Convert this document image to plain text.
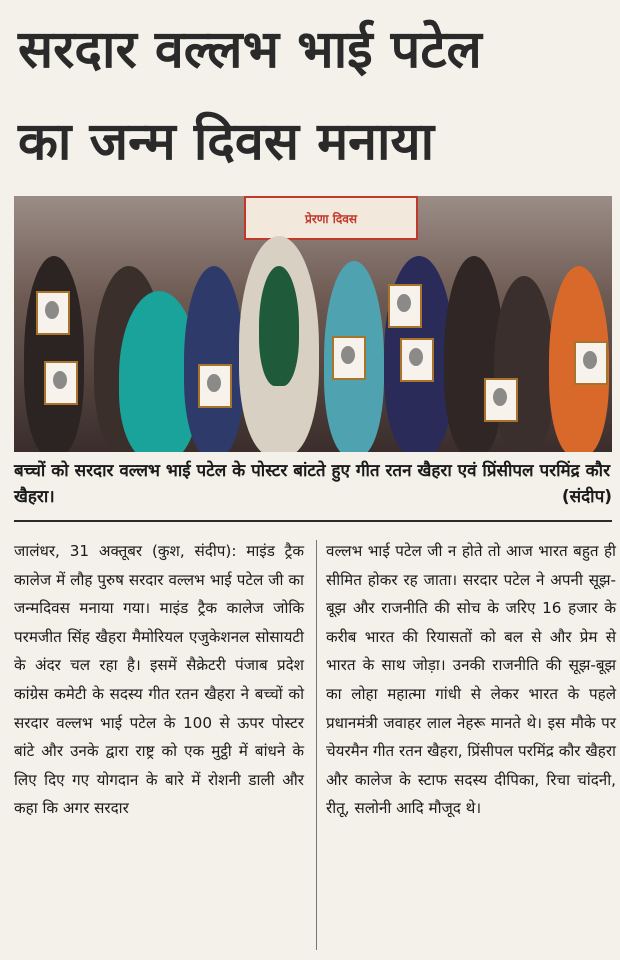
सरदार वल्लभ भाई पटेल
का जन्म दिवस मनाया
प्रेरणा दिवस
बच्चों को सरदार वल्लभ भाई पटेल के पोस्टर बांटते हुए गीत रतन खैहरा एवं प्रिंसीपल परमिंद्र कौर खैहरा।	(संदीप)
जालंधर, 31 अक्तूबर (कुश, संदीप): माइंड ट्रैक कालेज में लौह पुरुष सरदार वल्लभ भाई पटेल जी का जन्मदिवस मनाया गया। माइंड ट्रैक कालेज जोकि परमजीत सिंह खैहरा मैमोरियल एजुकेशनल सोसायटी के अंदर चल रहा है। इसमें सैक्रेटरी पंजाब प्रदेश कांग्रेस कमेटी के सदस्य गीत रतन खैहरा ने बच्चों को सरदार वल्लभ भाई पटेल के 100 से ऊपर पोस्टर बांटे और उनके द्वारा राष्ट्र को एक मुट्ठी में बांधने के लिए दिए गए योगदान के बारे में रोशनी डाली और कहा कि अगर सरदार
वल्लभ भाई पटेल जी न होते तो आज भारत बहुत ही सीमित होकर रह जाता। सरदार पटेल ने अपनी सूझ-बूझ और राजनीति की सोच के जरिए 16 हजार के करीब भारत की रियासतों को बल से और प्रेम से भारत के साथ जोड़ा। उनकी राजनीति की सूझ-बूझ का लोहा महात्मा गांधी से लेकर भारत के पहले प्रधानमंत्री जवाहर लाल नेहरू मानते थे। इस मौके पर चेयरमैन गीत रतन खैहरा, प्रिंसीपल परमिंद्र कौर खैहरा और कालेज के स्टाफ सदस्य दीपिका, रिचा चांदनी, रीतू, सलोनी आदि मौजूद थे।
